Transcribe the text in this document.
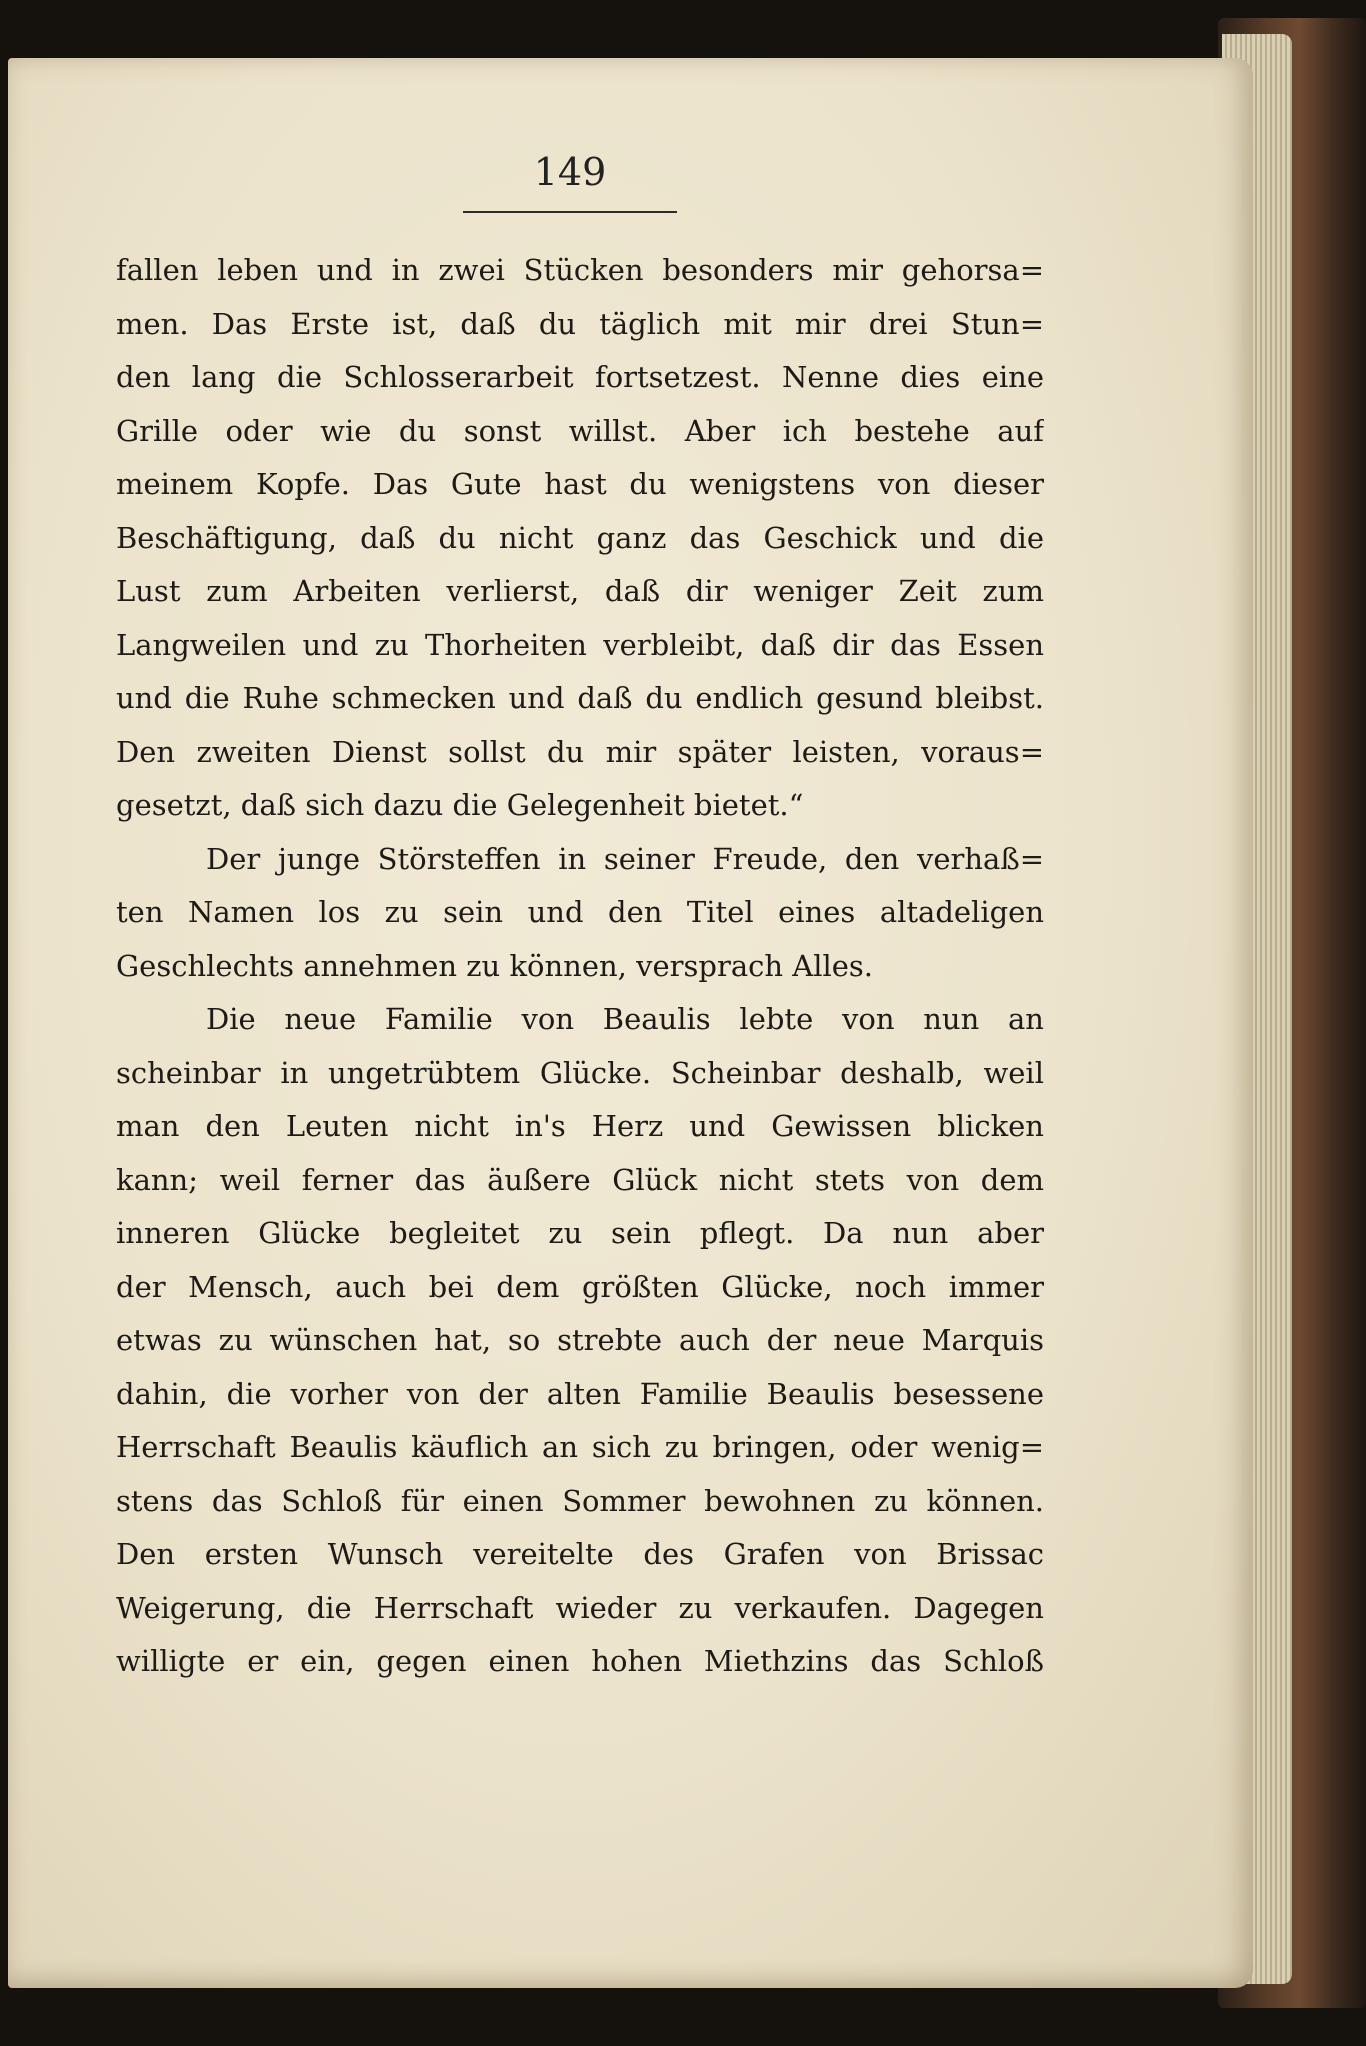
149
fallen leben und in zwei Stücken besonders mir gehorsa=
men. Das Erste ist, daß du täglich mit mir drei Stun=
den lang die Schlosserarbeit fortsetzest. Nenne dies eine
Grille oder wie du sonst willst. Aber ich bestehe auf
meinem Kopfe. Das Gute hast du wenigstens von dieser
Beschäftigung, daß du nicht ganz das Geschick und die
Lust zum Arbeiten verlierst, daß dir weniger Zeit zum
Langweilen und zu Thorheiten verbleibt, daß dir das Essen
und die Ruhe schmecken und daß du endlich gesund bleibst.
Den zweiten Dienst sollst du mir später leisten, voraus=
gesetzt, daß sich dazu die Gelegenheit bietet.“
Der junge Störsteffen in seiner Freude, den verhaß=
ten Namen los zu sein und den Titel eines altadeligen
Geschlechts annehmen zu können, versprach Alles.
Die neue Familie von Beaulis lebte von nun an
scheinbar in ungetrübtem Glücke. Scheinbar deshalb, weil
man den Leuten nicht in's Herz und Gewissen blicken
kann; weil ferner das äußere Glück nicht stets von dem
inneren Glücke begleitet zu sein pflegt. Da nun aber
der Mensch, auch bei dem größten Glücke, noch immer
etwas zu wünschen hat, so strebte auch der neue Marquis
dahin, die vorher von der alten Familie Beaulis besessene
Herrschaft Beaulis käuflich an sich zu bringen, oder wenig=
stens das Schloß für einen Sommer bewohnen zu können.
Den ersten Wunsch vereitelte des Grafen von Brissac
Weigerung, die Herrschaft wieder zu verkaufen. Dagegen
willigte er ein, gegen einen hohen Miethzins das Schloß
